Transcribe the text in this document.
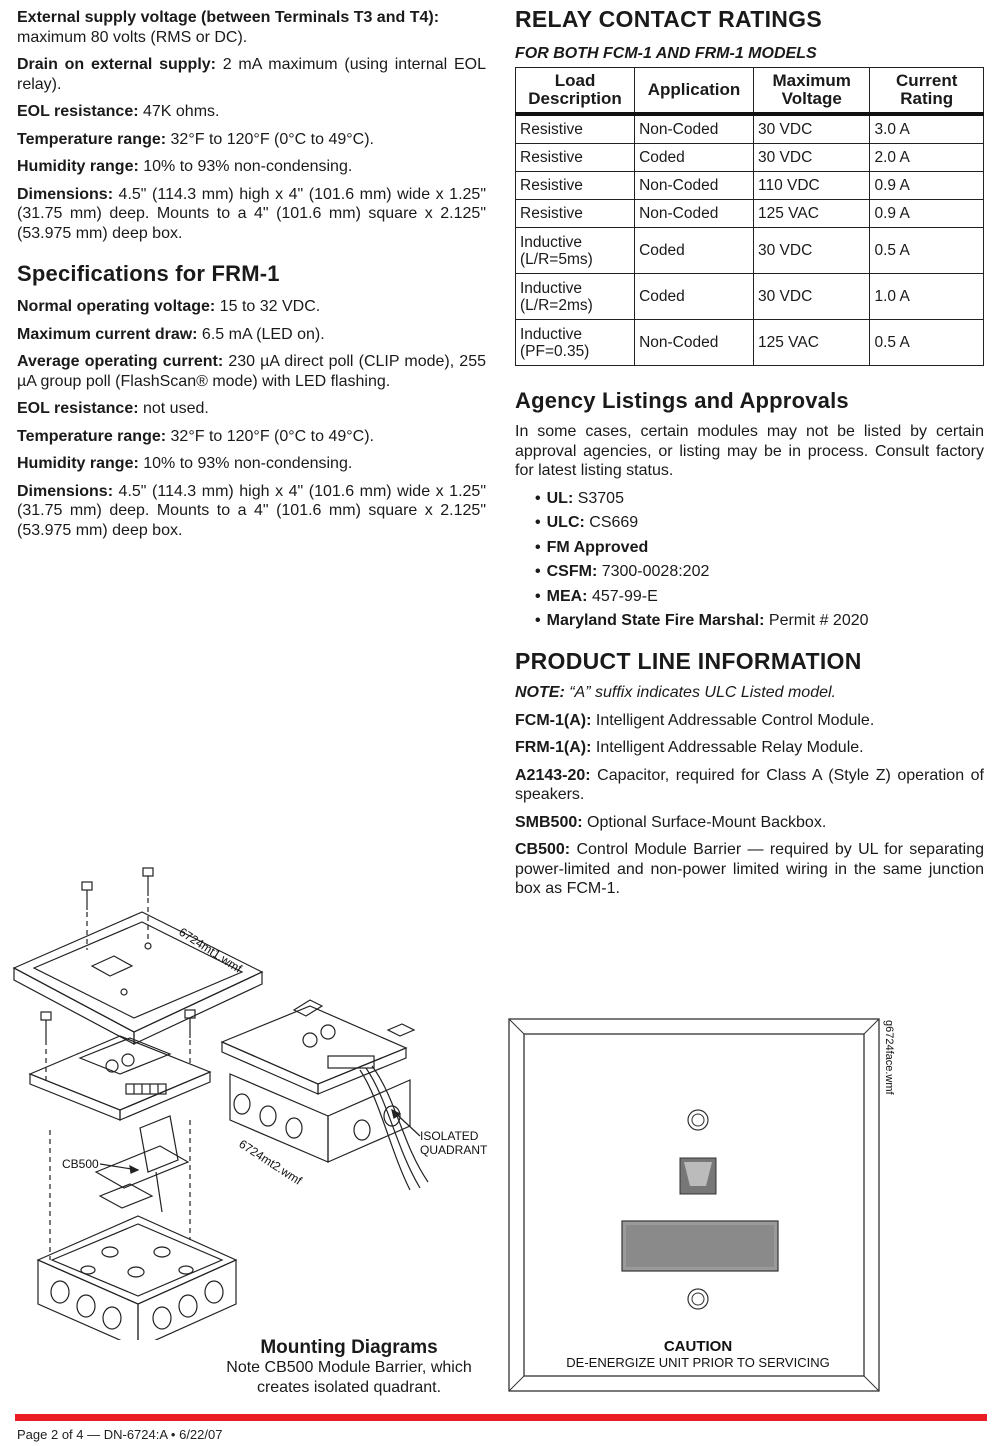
External supply voltage (between Terminals T3 and T4):
maximum 80 volts (RMS or DC).

Drain on external supply: 2 mA maximum (using internal EOL relay).

EOL resistance: 47K ohms.

Temperature range: 32°F to 120°F (0°C to 49°C).

Humidity range: 10% to 93% non-condensing.

Dimensions: 4.5" (114.3 mm) high x 4" (101.6 mm) wide x 1.25" (31.75 mm) deep. Mounts to a 4" (101.6 mm) square x 2.125" (53.975 mm) deep box.

Specifications for FRM-1

Normal operating voltage: 15 to 32 VDC.

Maximum current draw: 6.5 mA (LED on).

Average operating current: 230 µA direct poll (CLIP mode), 255 µA group poll (FlashScan® mode) with LED flashing.

EOL resistance: not used.

Temperature range: 32°F to 120°F (0°C to 49°C).

Humidity range: 10% to 93% non-condensing.

Dimensions: 4.5" (114.3 mm) high x 4" (101.6 mm) wide x 1.25" (31.75 mm) deep. Mounts to a 4" (101.6 mm) square x 2.125" (53.975 mm) deep box.

RELAY CONTACT RATINGS
FOR BOTH FCM-1 AND FRM-1 MODELS
Load Description	Application	Maximum Voltage	Current Rating
Resistive	Non-Coded	30 VDC	3.0 A
Resistive	Coded	30 VDC	2.0 A
Resistive	Non-Coded	110 VDC	0.9 A
Resistive	Non-Coded	125 VAC	0.9 A
Inductive (L/R=5ms)	Coded	30 VDC	0.5 A
Inductive (L/R=2ms)	Coded	30 VDC	1.0 A
Inductive (PF=0.35)	Non-Coded	125 VAC	0.5 A
Agency Listings and Approvals

In some cases, certain modules may not be listed by certain approval agencies, or listing may be in process. Consult factory for latest listing status.

• UL: S3705
• ULC: CS669
• FM Approved
• CSFM: 7300-0028:202
• MEA: 457-99-E
• Maryland State Fire Marshal: Permit # 2020
PRODUCT LINE INFORMATION

NOTE: “A” suffix indicates ULC Listed model.

FCM-1(A): Intelligent Addressable Control Module.

FRM-1(A): Intelligent Addressable Relay Module.

A2143-20: Capacitor, required for Class A (Style Z) operation of speakers.

SMB500: Optional Surface-Mount Backbox.

CB500: Control Module Barrier — required by UL for separating power-limited and non-power limited wiring in the same junction box as FCM-1.

6724mt1.wmf
6724mt2.wmf
CB500
ISOLATED
QUADRANT
Mounting Diagrams
Note CB500 Module Barrier, which
creates isolated quadrant.
CAUTION
DE-ENERGIZE UNIT PRIOR TO SERVICING
g6724face.wmf
Page 2 of 4 — DN-6724:A • 6/22/07
